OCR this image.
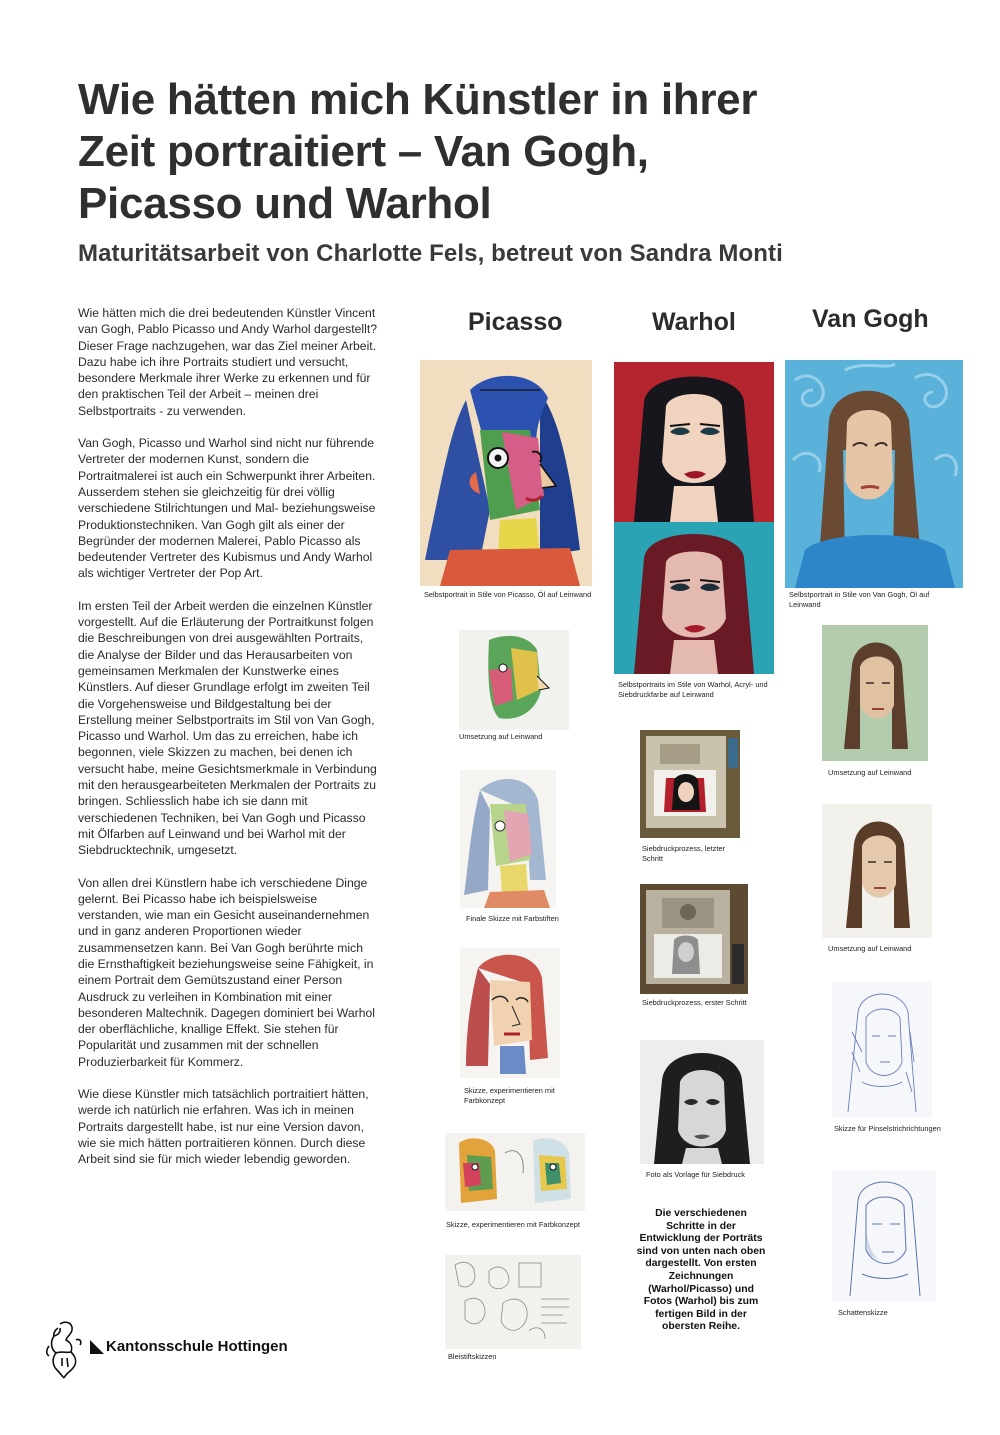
Wie hätten mich Künstler in ihrer
Zeit portraitiert – Van Gogh,
Picasso und Warhol
Maturitätsarbeit von Charlotte Fels, betreut von Sandra Monti

Wie hätten mich die drei bedeutenden Künstler Vincent van Gogh, Pablo Picasso und Andy Warhol dargestellt? Dieser Frage nachzugehen, war das Ziel meiner Arbeit. Dazu habe ich ihre Portraits studiert und versucht, besondere Merkmale ihrer Werke zu erkennen und für den praktischen Teil der Arbeit – meinen drei Selbstportraits - zu verwenden.

Van Gogh, Picasso und Warhol sind nicht nur führende Vertreter der modernen Kunst, sondern die Portraitmalerei ist auch ein Schwerpunkt ihrer Arbeiten. Ausserdem stehen sie gleichzeitig für drei völlig verschiedene Stilrichtungen und Mal- beziehungsweise Produktionstechniken. Van Gogh gilt als einer der Begründer der modernen Malerei, Pablo Picasso als bedeutender Vertreter des Kubismus und Andy Warhol als wichtiger Vertreter der Pop Art.

Im ersten Teil der Arbeit werden die einzelnen Künstler vorgestellt. Auf die Erläuterung der Portraitkunst folgen die Beschreibungen von drei ausgewählten Portraits, die Analyse der Bilder und das Herausarbeiten von gemeinsamen Merkmalen der Kunstwerke eines Künstlers. Auf dieser Grundlage erfolgt im zweiten Teil die Vorgehensweise und Bildgestaltung bei der Erstellung meiner Selbstportraits im Stil von Van Gogh, Picasso und Warhol. Um das zu erreichen, habe ich begonnen, viele Skizzen zu machen, bei denen ich versucht habe, meine Gesichtsmerkmale in Verbindung mit den herausgearbeiteten Merkmalen der Portraits zu bringen. Schliesslich habe ich sie dann mit verschiedenen Techniken, bei Van Gogh und Picasso mit Ölfarben auf Leinwand und bei Warhol mit der Siebdrucktechnik, umgesetzt.

Von allen drei Künstlern habe ich verschiedene Dinge gelernt. Bei Picasso habe ich beispielsweise verstanden, wie man ein Gesicht auseinandernehmen und in ganz anderen Proportionen wieder zusammensetzen kann. Bei Van Gogh berührte mich die Ernsthaftigkeit beziehungsweise seine Fähigkeit, in einem Portrait dem Gemütszustand einer Person Ausdruck zu verleihen in Kombination mit einer besonderen Maltechnik. Dagegen dominiert bei Warhol der oberflächliche, knallige Effekt. Sie stehen für Popularität und zusammen mit der schnellen Produzierbarkeit für Kommerz.

Wie diese Künstler mich tatsächlich portraitiert hätten, werde ich natürlich nie erfahren. Was ich in meinen Portraits dargestellt habe, ist nur eine Version davon, wie sie mich hätten portraitieren können. Durch diese Arbeit sind sie für mich wieder lebendig geworden.

Kantonsschule Hottingen
Picasso	Warhol	Van Gogh
Selbstportrait in Stile von Picasso, Öl auf Leinwand
Umsetzung auf Leinwand
Finale Skizze mit Farbstiften
Skizze, experimentieren mit Farbkonzept
Skizze, experimentieren mit Farbkonzept
Bleistiftskizzen
Selbstportraits im Stile von Warhol, Acryl- und Siebdruckfarbe auf Leinwand
Siebdruckprozess, letzter Schritt
Siebdruckprozess, erster Schritt
Foto als Vorlage für Siebdruck
Die verschiedenen Schritte in der Entwicklung der Porträts sind von unten nach oben dargestellt. Von ersten Zeichnungen (Warhol/Picasso) und Fotos (Warhol) bis zum fertigen Bild in der obersten Reihe.
Selbstportrait in Stile von Van Gogh, Öl auf Leinwand
Umsetzung auf Leinwand
Umsetzung auf Leinwand
Skizze für Pinselstrichrichtungen
Schattenskizze
